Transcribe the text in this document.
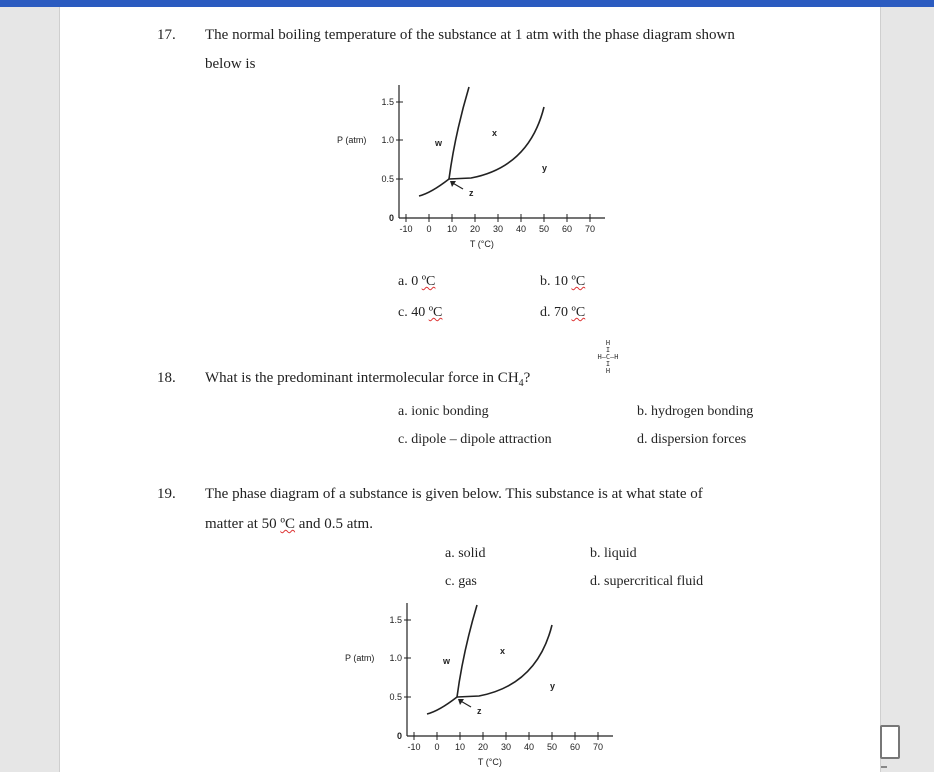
17. The normal boiling temperature of the substance at 1 atm with the phase diagram shown
below is
1.5
1.0
0.5
0
P (atm)
-10 0 10 20 30 40 50 60 70
T (°C)
w
x
y
z
a. 0 ºC	b. 10 ºC
c. 40 ºC	d. 70 ºC
H
I
H–C–H
I
H
18. What is the predominant intermolecular force in $CH_4$?
a. ionic bonding	b. hydrogen bonding
c. dipole – dipole attraction	d. dispersion forces
19. The phase diagram of a substance is given below. This substance is at what state of
matter at 50 ºC and 0.5 atm.
a. solid	b. liquid
c. gas	d. supercritical fluid
1.5
1.0
0.5
0
P (atm)
-10 0 10 20 30 40 50 60 70
T (°C)
w
x
y
z
